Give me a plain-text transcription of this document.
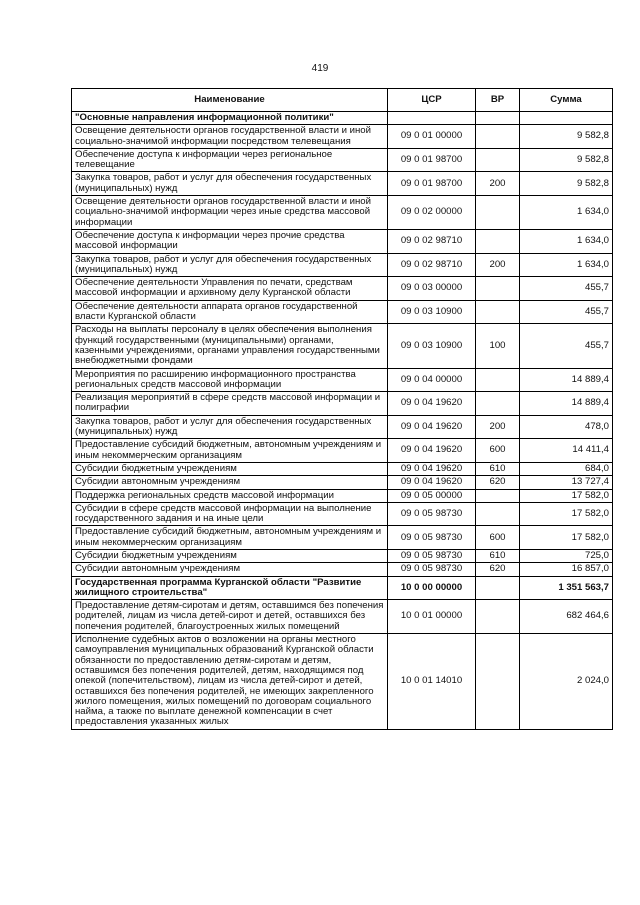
419
Наименование	ЦСР	ВР	Сумма
"Основные направления информационной политики"			
Освещение деятельности органов государственной власти и иной социально-значимой информации посредством телевещания	09 0 01 00000		9 582,8
Обеспечение доступа к информации через региональное телевещание	09 0 01 98700		9 582,8
Закупка товаров, работ и услуг для обеспечения государственных (муниципальных) нужд	09 0 01 98700	200	9 582,8
Освещение деятельности органов государственной власти и иной социально-значимой информации через иные средства массовой информации	09 0 02 00000		1 634,0
Обеспечение доступа к информации через прочие средства массовой информации	09 0 02 98710		1 634,0
Закупка товаров, работ и услуг для обеспечения государственных (муниципальных) нужд	09 0 02 98710	200	1 634,0
Обеспечение деятельности Управления по печати, средствам массовой информации и архивному делу Курганской области	09 0 03 00000		455,7
Обеспечение деятельности аппарата органов государственной власти Курганской области	09 0 03 10900		455,7
Расходы на выплаты персоналу в целях обеспечения выполнения функций государственными (муниципальными) органами, казенными учреждениями, органами управления государственными внебюджетными фондами	09 0 03 10900	100	455,7
Мероприятия по расширению информационного пространства региональных средств массовой информации	09 0 04 00000		14 889,4
Реализация мероприятий в сфере средств массовой информации и полиграфии	09 0 04 19620		14 889,4
Закупка товаров, работ и услуг для обеспечения государственных (муниципальных) нужд	09 0 04 19620	200	478,0
Предоставление субсидий бюджетным, автономным учреждениям и иным некоммерческим организациям	09 0 04 19620	600	14 411,4
Субсидии бюджетным учреждениям	09 0 04 19620	610	684,0
Субсидии автономным учреждениям	09 0 04 19620	620	13 727,4
Поддержка региональных средств массовой информации	09 0 05 00000		17 582,0
Субсидии в сфере средств массовой информации на выполнение государственного задания и на иные цели	09 0 05 98730		17 582,0
Предоставление субсидий бюджетным, автономным учреждениям и иным некоммерческим организациям	09 0 05 98730	600	17 582,0
Субсидии бюджетным учреждениям	09 0 05 98730	610	725,0
Субсидии автономным учреждениям	09 0 05 98730	620	16 857,0
Государственная программа Курганской области "Развитие жилищного строительства"	10 0 00 00000		1 351 563,7
Предоставление детям-сиротам и детям, оставшимся без попечения родителей, лицам из числа детей-сирот и детей, оставшихся без попечения родителей, благоустроенных жилых помещений	10 0 01 00000		682 464,6
Исполнение судебных актов о возложении на органы местного самоуправления муниципальных образований Курганской области обязанности по предоставлению детям-сиротам и детям, оставшимся без попечения родителей, детям, находящимся под опекой (попечительством), лицам из числа детей-сирот и детей, оставшихся без попечения родителей, не имеющих закрепленного жилого помещения, жилых помещений по договорам социального найма, а также по выплате денежной компенсации в счет предоставления указанных жилых	10 0 01 14010		2 024,0
